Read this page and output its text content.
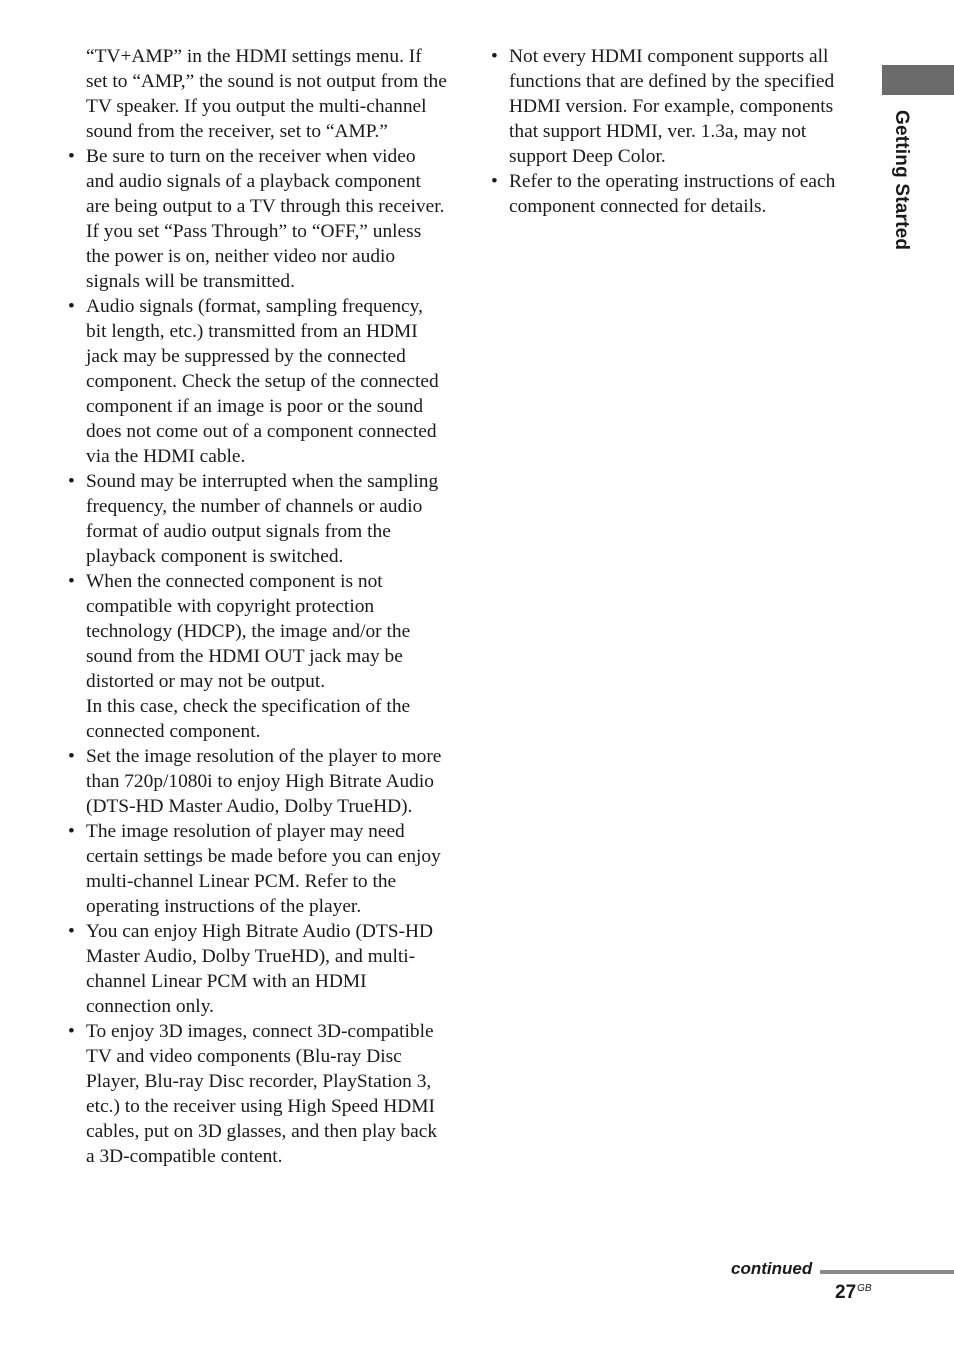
Getting Started
“TV+AMP” in the HDMI settings menu. If set to “AMP,” the sound is not output from the TV speaker. If you output the multi-channel sound from the receiver, set to “AMP.”
• Be sure to turn on the receiver when video and audio signals of a playback component are being output to a TV through this receiver. If you set “Pass Through” to “OFF,” unless the power is on, neither video nor audio signals will be transmitted.
• Audio signals (format, sampling frequency, bit length, etc.) transmitted from an HDMI jack may be suppressed by the connected component. Check the setup of the connected component if an image is poor or the sound does not come out of a component connected via the HDMI cable.
• Sound may be interrupted when the sampling frequency, the number of channels or audio format of audio output signals from the playback component is switched.
• When the connected component is not compatible with copyright protection technology (HDCP), the image and/or the sound from the HDMI OUT jack may be distorted or may not be output.
In this case, check the specification of the connected component.
• Set the image resolution of the player to more than 720p/1080i to enjoy High Bitrate Audio (DTS-HD Master Audio, Dolby TrueHD).
• The image resolution of player may need certain settings be made before you can enjoy multi-channel Linear PCM. Refer to the operating instructions of the player.
• You can enjoy High Bitrate Audio (DTS-HD Master Audio, Dolby TrueHD), and multi-channel Linear PCM with an HDMI connection only.
• To enjoy 3D images, connect 3D-compatible TV and video components (Blu-ray Disc Player, Blu-ray Disc recorder, PlayStation 3, etc.) to the receiver using High Speed HDMI cables, put on 3D glasses, and then play back a 3D-compatible content.
• Not every HDMI component supports all functions that are defined by the specified HDMI version. For example, components that support HDMI, ver. 1.3a, may not support Deep Color.
• Refer to the operating instructions of each component connected for details.
continued
$27^{GB}$
